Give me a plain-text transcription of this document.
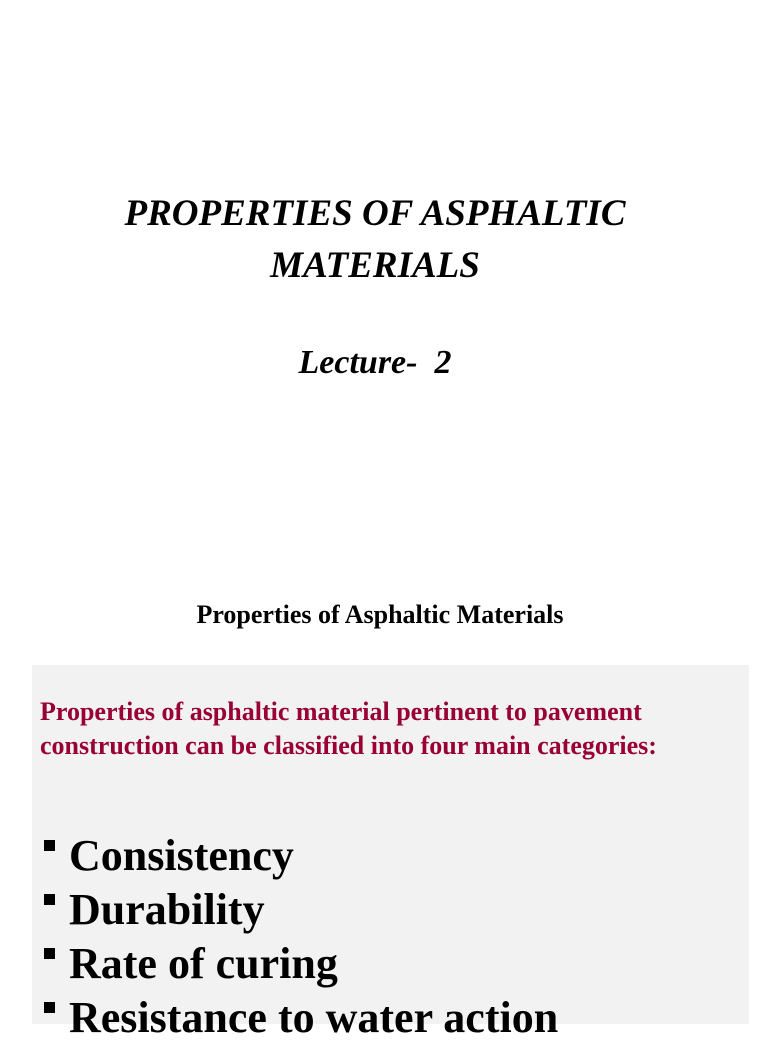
PROPERTIES OF ASPHALTIC MATERIALS
Lecture-  2
Properties of Asphaltic Materials

Properties of asphaltic material pertinent to pavement construction can be classified into four main categories:

Consistency
Durability
Rate of curing
Resistance to water action
